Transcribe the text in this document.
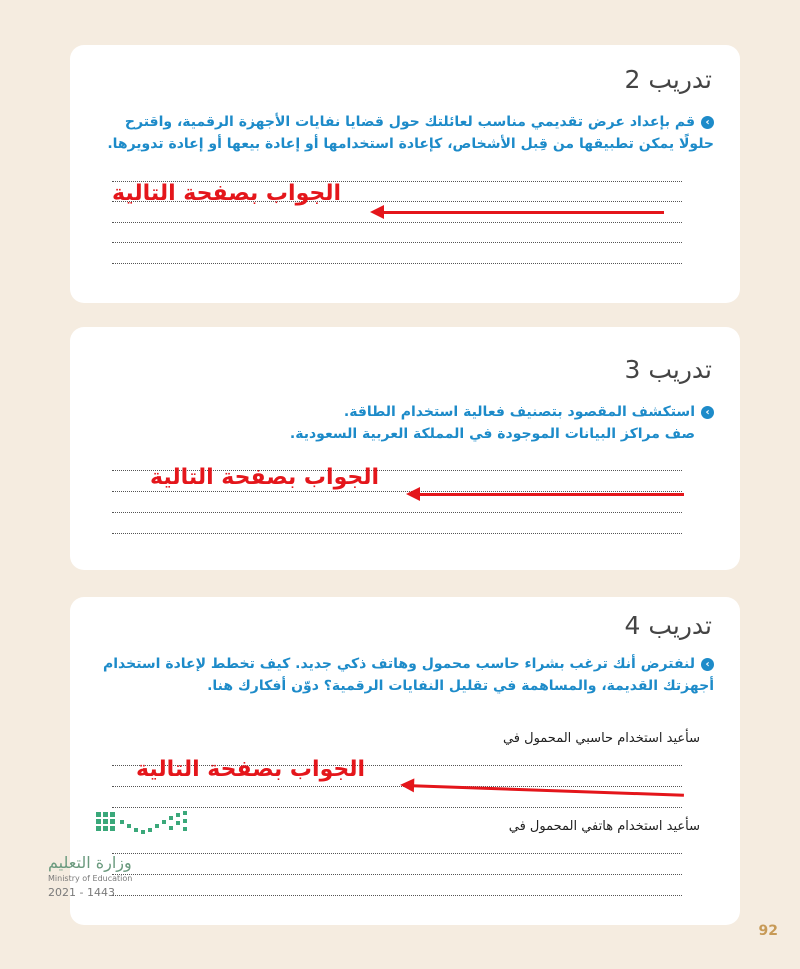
تدريب 2
›قم بإعداد عرض تقديمي مناسب لعائلتك حول قضايا نفايات الأجهزة الرقمية، واقترح حلولًا يمكن تطبيقها من قِبل الأشخاص، كإعادة استخدامها أو إعادة بيعها أو إعادة تدويرها.
الجواب بصفحة التالية
تدريب 3
›استكشف المقصود بتصنيف فعالية استخدام الطاقة.
صف مراكز البيانات الموجودة في المملكة العربية السعودية.
الجواب بصفحة التالية
تدريب 4
›لنفترض أنك ترغب بشراء حاسب محمول وهاتف ذكي جديد. كيف تخطط لإعادة استخدام أجهزتك القديمة، والمساهمة في تقليل النفايات الرقمية؟ دوّن أفكارك هنا.
سأعيد استخدام حاسبي المحمول في
الجواب بصفحة التالية
سأعيد استخدام هاتفي المحمول في
وزارة التعليم
Ministry of Education
2021 - 1443
92
